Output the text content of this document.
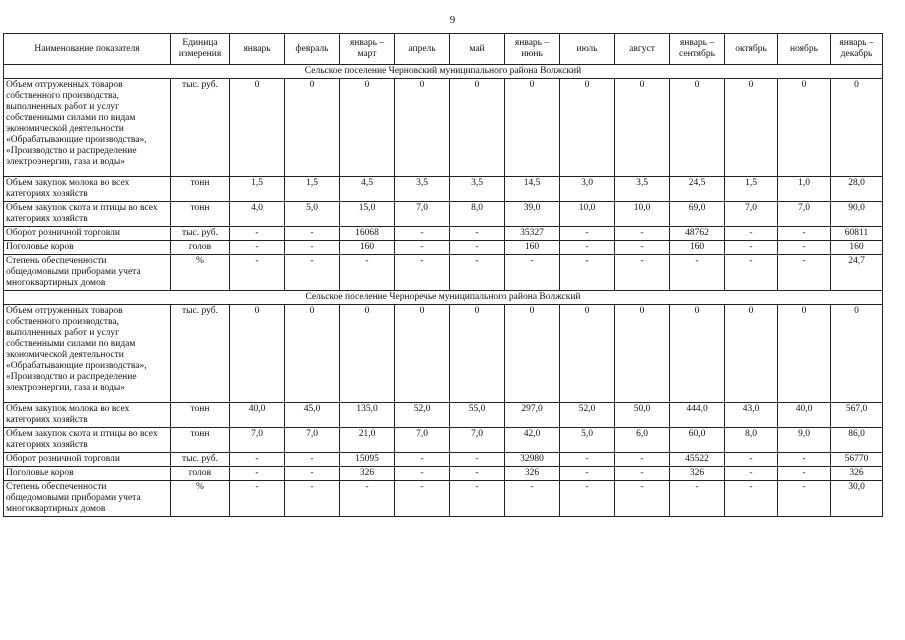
9
Наименование показателя	Единица измерения	январь	февраль	январь – март	апрель	май	январь – июнь	июль	август	январь – сентябрь	октябрь	ноябрь	январь – декабрь
Сельское поселение Черновский муниципального района Волжский													
Объем отгруженных товаров собственного производства, выполненных работ и услуг собственными силами по видам экономической деятельности «Обрабатывающие производства», «Производство и распределение электроэнергии, газа и воды»	тыс. руб.	0	0	0	0	0	0	0	0	0	0	0	0
Объем закупок молока во всех категориях хозяйств	тонн	1,5	1,5	4,5	3,5	3,5	14,5	3,0	3,5	24,5	1,5	1,0	28,0
Объем закупок скота и птицы во всех категориях хозяйств	тонн	4,0	5,0	15,0	7,0	8,0	39,0	10,0	10,0	69,0	7,0	7,0	90,0
Оборот розничной торговли	тыс. руб.	-	-	16068	-	-	35327	-	-	48762	-	-	60811
Поголовье коров	голов	-	-	160	-	-	160	-	-	160	-	-	160
Степень обеспеченности общедомовыми приборами учета многоквартирных домов	%	-	-	-	-	-	-	-	-	-	-	-	24,7
Сельское поселение Черноречье муниципального района Волжский													
Объем отгруженных товаров собственного производства, выполненных работ и услуг собственными силами по видам экономической деятельности «Обрабатывающие производства», «Производство и распределение электроэнергии, газа и воды»	тыс. руб.	0	0	0	0	0	0	0	0	0	0	0	0
Объем закупок молока во всех категориях хозяйств	тонн	40,0	45,0	135,0	52,0	55,0	297,0	52,0	50,0	444,0	43,0	40,0	567,0
Объем закупок скота и птицы во всех категориях хозяйств	тонн	7,0	7,0	21,0	7,0	7,0	42,0	5,0	6,0	60,0	8,0	9,0	86,0
Оборот розничной торговли	тыс. руб.	-	-	15095	-	-	32980	-	-	45522	-	-	56770
Поголовье коров	голов	-	-	326	-	-	326	-	-	326	-	-	326
Степень обеспеченности общедомовыми приборами учета многоквартирных домов	%	-	-	-	-	-	-	-	-	-	-	-	30,0
